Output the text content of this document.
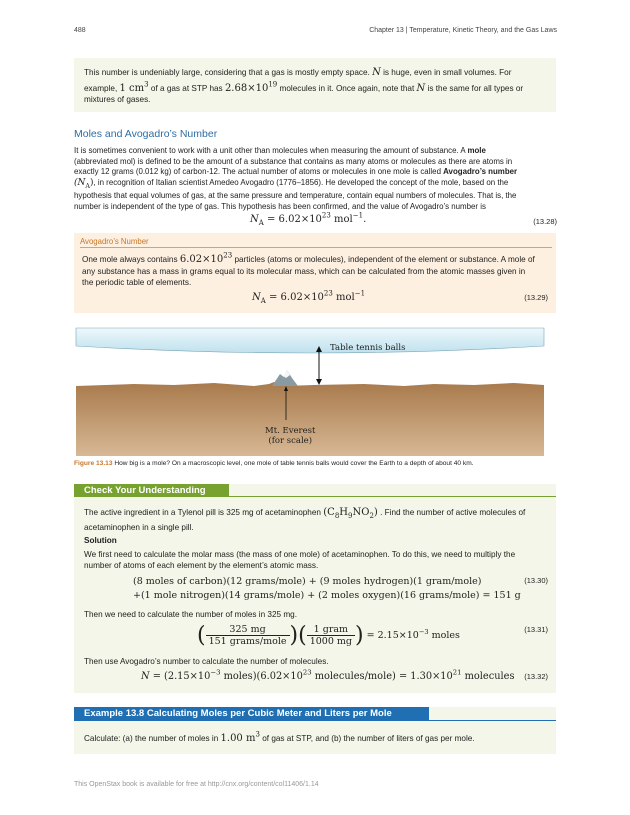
488	Chapter 13 | Temperature, Kinetic Theory, and the Gas Laws
This number is undeniably large, considering that a gas is mostly empty space. N is huge, even in small volumes. For
example, 1 $cm^3$ of a gas at STP has $2.68\times 10^{19}$ molecules in it. Once again, note that N is the same for all types or
mixtures of gases.
Moles and Avogadro’s Number
It is sometimes convenient to work with a unit other than molecules when measuring the amount of substance. A mole
(abbreviated mol) is defined to be the amount of a substance that contains as many atoms or molecules as there are atoms in
exactly 12 grams (0.012 kg) of carbon-12. The actual number of atoms or molecules in one mole is called Avogadro’s number
$(N_A)$, in recognition of Italian scientist Amedeo Avogadro (1776–1856). He developed the concept of the mole, based on the
hypothesis that equal volumes of gas, at the same pressure and temperature, contain equal numbers of molecules. That is, the
number is independent of the type of gas. This hypothesis has been confirmed, and the value of Avogadro’s number is
$N_A = 6.02\times 10^{23}$ mol$^{-1}$.	(13.28)
Avogadro’s Number
One mole always contains $6.02\times 10^{23}$ particles (atoms or molecules), independent of the element or substance. A mole of
any substance has a mass in grams equal to its molecular mass, which can be calculated from the atomic masses given in
the periodic table of elements.
$N_A = 6.02\times 10^{23}$ mol$^{-1}$	(13.29)
Table tennis balls
Mt. Everest
(for scale)
Figure 13.13 How big is a mole? On a macroscopic level, one mole of table tennis balls would cover the Earth to a depth of about 40 km.
Check Your Understanding
The active ingredient in a Tylenol pill is 325 mg of acetaminophen $(C_8H_9NO_2)$ . Find the number of active molecules of
acetaminophen in a single pill.
Solution
We first need to calculate the molar mass (the mass of one mole) of acetaminophen. To do this, we need to multiply the
number of atoms of each element by the element’s atomic mass.
(8 moles of carbon)(12 grams/mole) + (9 moles hydrogen)(1 gram/mole)
+(1 mole nitrogen)(14 grams/mole) + (2 moles oxygen)(16 grams/mole) = 151 g
(13.30)
Then we need to calculate the number of moles in 325 mg.
( $\frac{325 mg}{\text{151 grams/mole}}$ )( $\frac{\text{1 gram}}{1000 mg}$ ) = $2.15\times 10^{-3}$ moles
(13.31)
Then use Avogadro’s number to calculate the number of molecules.
$N = (2.15\times 10^{-3}$ $moles)(6.02\times 10^{23}$ molecules/mole) = $1.30\times 10^{21}$ molecules (13.32)
Example 13.8 Calculating Moles per Cubic Meter and Liters per Mole
Calculate: (a) the number of moles in 1.00 $m^3$ of gas at STP, and (b) the number of liters of gas per mole.
This OpenStax book is available for free at http://cnx.org/content/col11406/1.14
